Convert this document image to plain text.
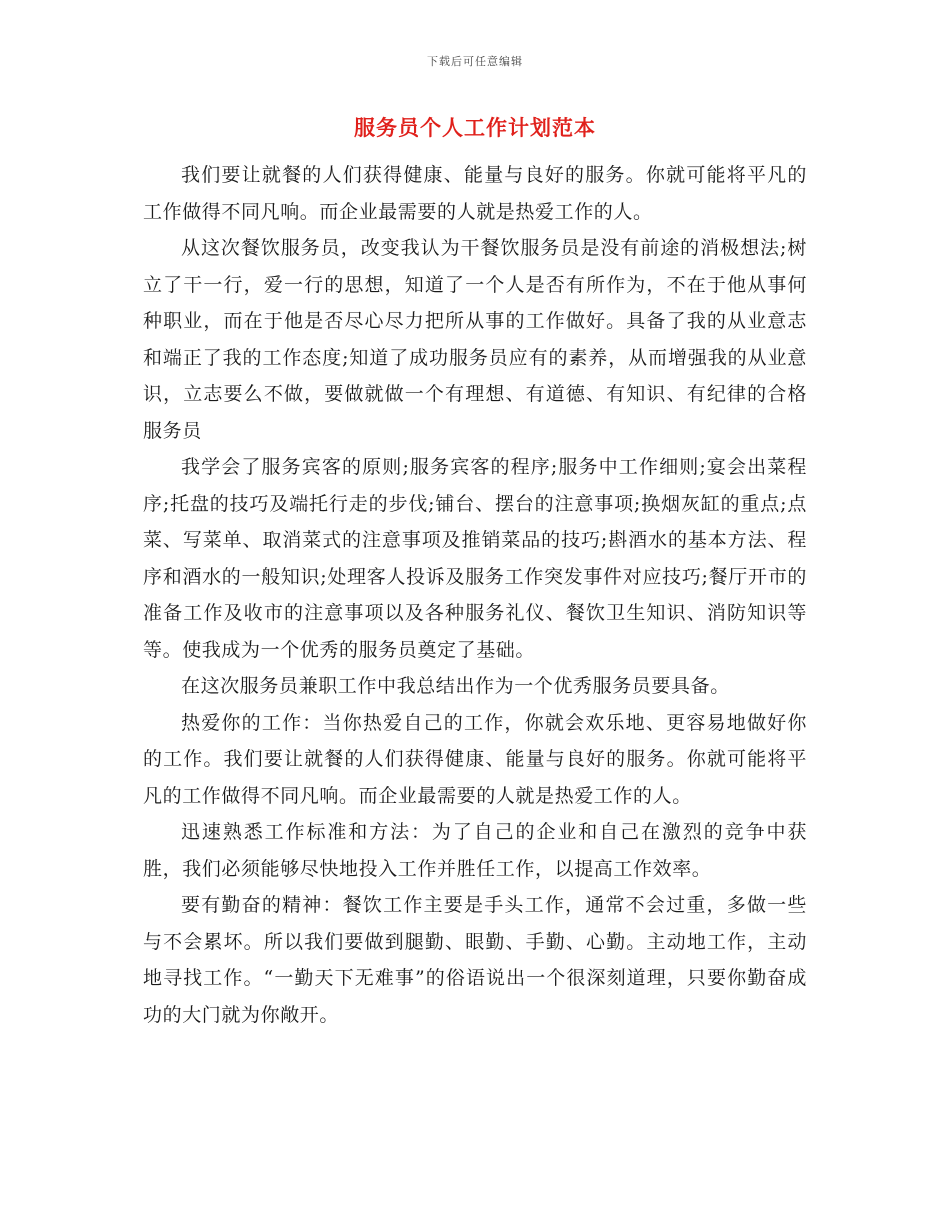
下载后可任意编辑
服务员个人工作计划范本

我们要让就餐的人们获得健康、能量与良好的服务。你就可能将平凡的工作做得不同凡响。而企业最需要的人就是热爱工作的人。

从这次餐饮服务员，改变我认为干餐饮服务员是没有前途的消极想法;树立了干一行，爱一行的思想，知道了一个人是否有所作为，不在于他从事何种职业，而在于他是否尽心尽力把所从事的工作做好。具备了我的从业意志和端正了我的工作态度;知道了成功服务员应有的素养，从而增强我的从业意识，立志要么不做，要做就做一个有理想、有道德、有知识、有纪律的合格服务员

我学会了服务宾客的原则;服务宾客的程序;服务中工作细则;宴会出菜程序;托盘的技巧及端托行走的步伐;铺台、摆台的注意事项;换烟灰缸的重点;点菜、写菜单、取消菜式的注意事项及推销菜品的技巧;斟酒水的基本方法、程序和酒水的一般知识;处理客人投诉及服务工作突发事件对应技巧;餐厅开市的准备工作及收市的注意事项以及各种服务礼仪、餐饮卫生知识、消防知识等等。使我成为一个优秀的服务员奠定了基础。

在这次服务员兼职工作中我总结出作为一个优秀服务员要具备。

热爱你的工作：当你热爱自己的工作，你就会欢乐地、更容易地做好你的工作。我们要让就餐的人们获得健康、能量与良好的服务。你就可能将平凡的工作做得不同凡响。而企业最需要的人就是热爱工作的人。

迅速熟悉工作标准和方法：为了自己的企业和自己在激烈的竞争中获胜，我们必须能够尽快地投入工作并胜任工作，以提高工作效率。

要有勤奋的精神：餐饮工作主要是手头工作，通常不会过重，多做一些与不会累坏。所以我们要做到腿勤、眼勤、手勤、心勤。主动地工作，主动地寻找工作。“一勤天下无难事”的俗语说出一个很深刻道理，只要你勤奋成功的大门就为你敞开。
